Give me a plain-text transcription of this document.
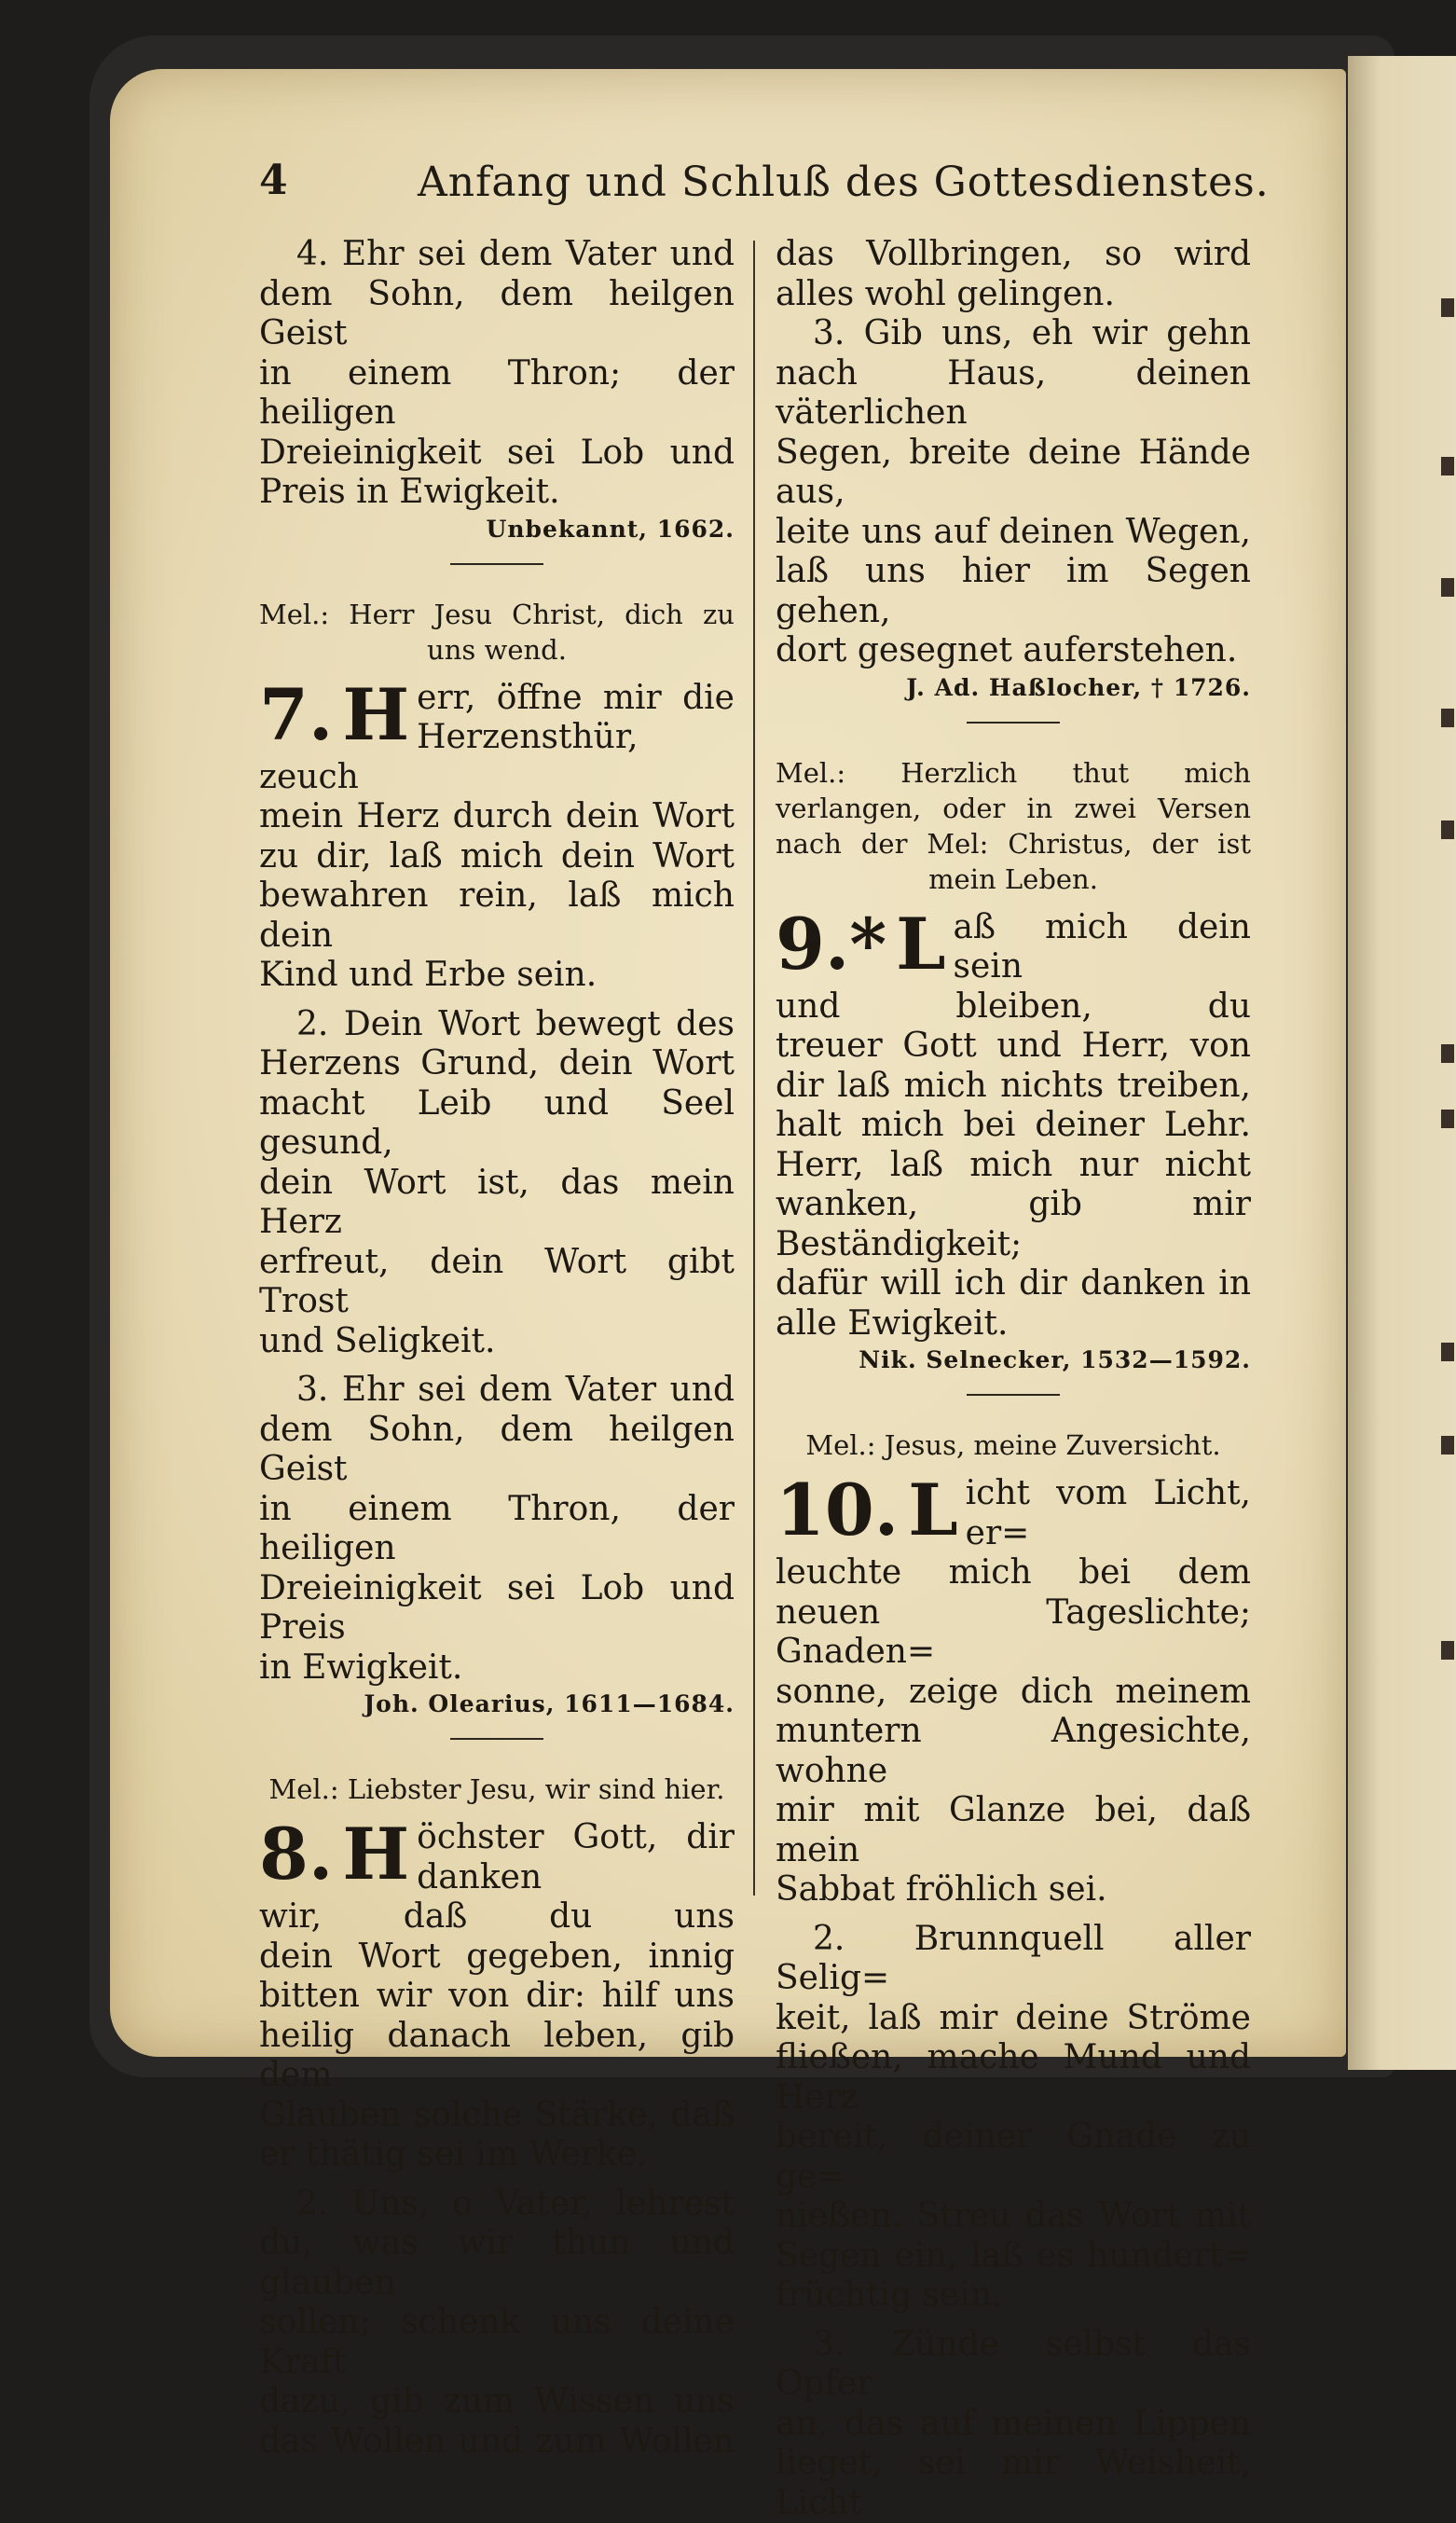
4	Anfang und Schluß des Gottesdienstes.

4. Ehr sei dem Vater und

dem Sohn, dem heilgen Geist

in einem Thron; der heiligen

Dreieinigkeit sei Lob und

Preis in Ewigkeit.

Unbekannt, 1662.

Mel.: Herr Jesu Christ, dich zu uns wend.

7. H err, öffne mir die
Herzensthür, zeuch

mein Herz durch dein Wort

zu dir, laß mich dein Wort

bewahren rein, laß mich dein

Kind und Erbe sein.

2. Dein Wort bewegt des

Herzens Grund, dein Wort

macht Leib und Seel gesund,

dein Wort ist, das mein Herz

erfreut, dein Wort gibt Trost

und Seligkeit.

3. Ehr sei dem Vater und

dem Sohn, dem heilgen Geist

in einem Thron, der heiligen

Dreieinigkeit sei Lob und Preis

in Ewigkeit.

Joh. Olearius, 1611—1684.

Mel.: Liebster Jesu, wir sind hier.

8. H öchster Gott, dir danken
wir, daß du uns

dein Wort gegeben, innig

bitten wir von dir: hilf uns

heilig danach leben, gib dem

Glauben solche Stärke, daß

er thätig sei im Werke.

2. Uns, o Vater, lehrest

du, was wir thun und glauben

sollen; schenk uns deine Kraft

dazu, gib zum Wissen uns

das Wollen und zum Wollen

das Vollbringen, so wird

alles wohl gelingen.

3. Gib uns, eh wir gehn

nach Haus, deinen väterlichen

Segen, breite deine Hände aus,

leite uns auf deinen Wegen,

laß uns hier im Segen gehen,

dort gesegnet auferstehen.

J. Ad. Haßlocher, † 1726.

Mel.: Herzlich thut mich verlangen, oder in zwei Versen nach der Mel: Christus, der ist mein Leben.

9.* L aß mich dein sein
und bleiben, du

treuer Gott und Herr, von

dir laß mich nichts treiben,

halt mich bei deiner Lehr.

Herr, laß mich nur nicht

wanken, gib mir Beständigkeit;

dafür will ich dir danken in

alle Ewigkeit.

Nik. Selnecker, 1532—1592.

Mel.: Jesus, meine Zuversicht.

10. L icht vom Licht, er=
leuchte mich bei dem

neuen Tageslichte; Gnaden=

sonne, zeige dich meinem

muntern Angesichte, wohne

mir mit Glanze bei, daß mein

Sabbat fröhlich sei.

2. Brunnquell aller Selig=

keit, laß mir deine Ströme

fließen, mache Mund und Herz

bereit, deiner Gnade zu ge=

nießen. Streu das Wort mit

Segen ein, laß es hundert=

früchtig sein.

3. Zünde selbst das Opfer

an, das auf meinen Lippen

lieget, sei mir Weisheit, Licht
